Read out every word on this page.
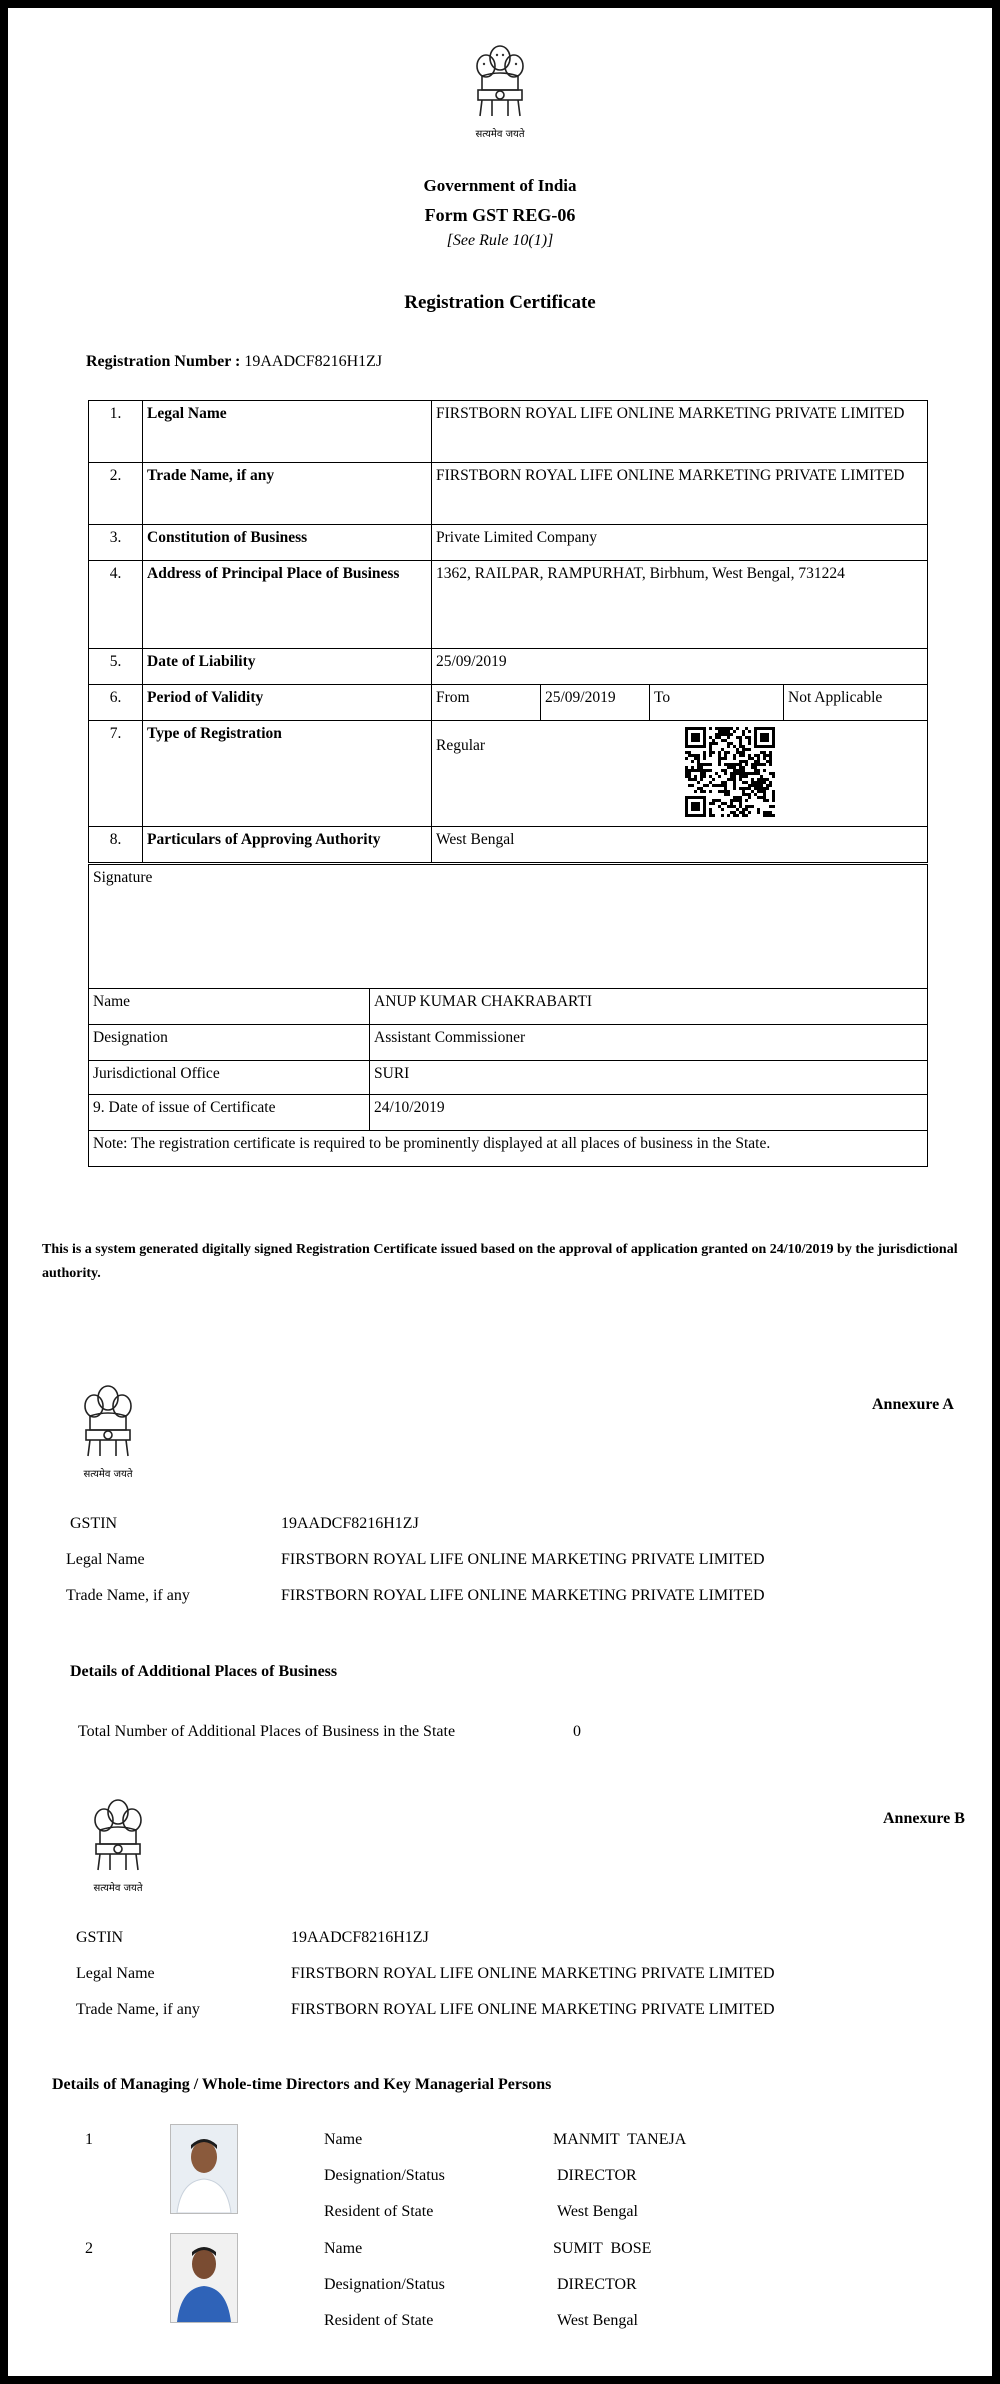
सत्यमेव जयते
Government of India
Form GST REG-06
[See Rule 10(1)]
Registration Certificate
Registration Number : 19AADCF8216H1ZJ
1.	Legal Name	FIRSTBORN ROYAL LIFE ONLINE MARKETING PRIVATE LIMITED			
2.	Trade Name, if any	FIRSTBORN ROYAL LIFE ONLINE MARKETING PRIVATE LIMITED			
3.	Constitution of Business	Private Limited Company			
4.	Address of Principal Place of Business	1362, RAILPAR, RAMPURHAT, Birbhum, West Bengal, 731224			
5.	Date of Liability	25/09/2019			
6.	Period of Validity	From	25/09/2019	To	Not Applicable
7.	Type of Registration	Regular			

8.	Particulars of Approving Authority	West Bengal			
Signature	
Name	ANUP KUMAR CHAKRABARTI
Designation	Assistant Commissioner
Jurisdictional Office	SURI
9. Date of issue of Certificate	24/10/2019
Note: The registration certificate is required to be prominently displayed at all places of business in the State.	
This is a system generated digitally signed Registration Certificate issued based on the approval of application granted on 24/10/2019 by the jurisdictional authority.
सत्यमेव जयते
Annexure A
GSTIN	19AADCF8216H1ZJ
Legal Name	FIRSTBORN ROYAL LIFE ONLINE MARKETING PRIVATE LIMITED
Trade Name, if any	FIRSTBORN ROYAL LIFE ONLINE MARKETING PRIVATE LIMITED
Details of Additional Places of Business
Total Number of Additional Places of Business in the State	0
सत्यमेव जयते
Annexure B
GSTIN	19AADCF8216H1ZJ
Legal Name	FIRSTBORN ROYAL LIFE ONLINE MARKETING PRIVATE LIMITED
Trade Name, if any	FIRSTBORN ROYAL LIFE ONLINE MARKETING PRIVATE LIMITED
Details of Managing / Whole-time Directors and Key Managerial Persons
1	Name	MANMIT  TANEJA
Designation/Status	DIRECTOR
Resident of State	West Bengal
2	Name	SUMIT  BOSE
Designation/Status	DIRECTOR
Resident of State	West Bengal
